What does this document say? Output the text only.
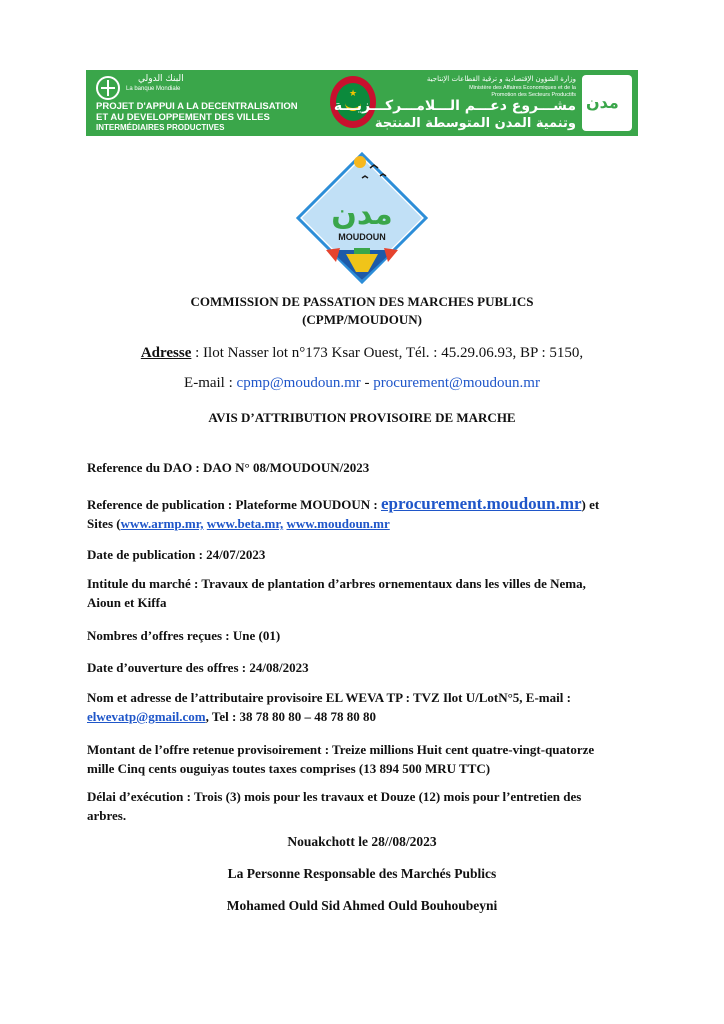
البنك الدولي
La banque Mondiale
PROJET D'APPUI A LA DECENTRALISATION
ET AU DEVELOPPEMENT DES VILLES
INTERMÉDIAIRES PRODUCTIVES
★
وزارة الشؤون الإقتصادية و ترقية القطاعات الإنتاجية
Ministère des Affaires Economiques et de la Promotion des Secteurs Productifs
مشـــروع دعـــم الـــلامـــركـــزيـــة
وتنمية المدن المتوسطة المنتجة
مدن
مدن
MOUDOUN
COMMISSION DE PASSATION DES MARCHES PUBLICS
(CPMP/MOUDOUN)
Adresse : Ilot Nasser lot n°173 Ksar Ouest, Tél. : 45.29.06.93, BP : 5150,
E-mail : cpmp@moudoun.mr - procurement@moudoun.mr
AVIS D’ATTRIBUTION PROVISOIRE DE MARCHE
Reference du DAO : DAO N° 08/MOUDOUN/2023
Reference de publication : Plateforme MOUDOUN : eprocurement.moudoun.mr) et
Sites (www.armp.mr, www.beta.mr, www.moudoun.mr
Date de publication : 24/07/2023
Intitule du marché : Travaux de plantation d’arbres ornementaux dans les villes de Nema,
Aioun et Kiffa
Nombres d’offres reçues : Une (01)
Date d’ouverture des offres : 24/08/2023
Nom et adresse de l’attributaire provisoire EL WEVA TP : TVZ Ilot U/LotN°5, E-mail :
elwevatp@gmail.com, Tel : 38 78 80 80 – 48 78 80 80
Montant de l’offre retenue provisoirement : Treize millions Huit cent quatre-vingt-quatorze
mille Cinq cents ouguiyas toutes taxes comprises (13 894 500 MRU TTC)
Délai d’exécution : Trois (3) mois pour les travaux et Douze (12) mois pour l’entretien des
arbres.
Nouakchott le 28//08/2023
La Personne Responsable des Marchés Publics
Mohamed Ould Sid Ahmed Ould Bouhoubeyni
